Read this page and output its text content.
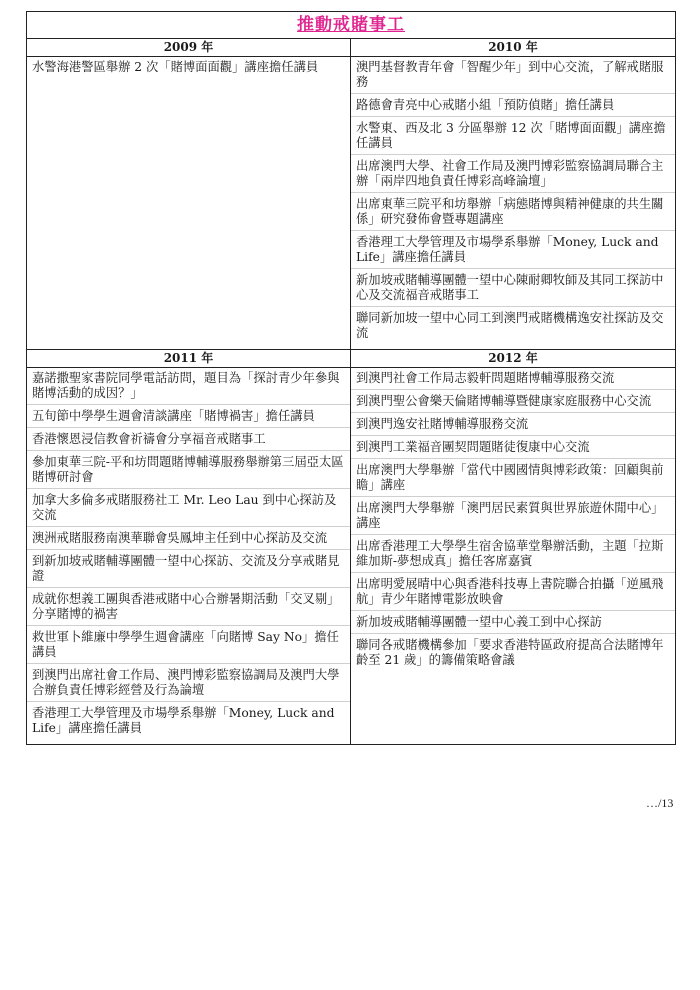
推動戒賭事工
2009 年
水警海港警區舉辦 2 次「賭博面面觀」講座擔任講員
2010 年
澳門基督教青年會「智醒少年」到中心交流，了解戒賭服務
路德會青亮中心戒賭小組「預防偵賭」擔任講員
水警東、西及北 3 分區舉辦 12 次「賭博面面觀」講座擔任講員
出席澳門大學、社會工作局及澳門博彩監察協調局聯合主辦「兩岸四地負責任博彩高峰論壇」
出席東華三院平和坊舉辦「病態賭博與精神健康的共生關係」研究發佈會暨專題講座
香港理工大學管理及市場學系舉辦「Money, Luck and Life」講座擔任講員
新加坡戒賭輔導團體一望中心陳耐卿牧師及其同工探訪中心及交流福音戒賭事工
聯同新加坡一望中心同工到澳門戒賭機構逸安社探訪及交流
2011 年
嘉諾撒聖家書院同學電話訪問，題目為「探討青少年參與賭博活動的成因？」
五旬節中學學生週會清談講座「賭博禍害」擔任講員
香港懷恩浸信教會祈禱會分享福音戒賭事工
參加東華三院-平和坊問題賭博輔導服務舉辦第三屆亞太區賭博研討會
加拿大多倫多戒賭服務社工 Mr. Leo Lau 到中心探訪及交流
澳洲戒賭服務南澳華聯會吳鳳坤主任到中心探訪及交流
到新加坡戒賭輔導團體一望中心探訪、交流及分享戒賭見證
成就你想義工團與香港戒賭中心合辦暑期活動「交叉剔」分享賭博的禍害
救世軍卜維廉中學學生週會講座「向賭博 Say No」擔任講員
到澳門出席社會工作局、澳門博彩監察協調局及澳門大學合辦負責任博彩經營及行為論壇
香港理工大學管理及市場學系舉辦「Money, Luck and Life」講座擔任講員
2012 年
到澳門社會工作局志毅軒問題賭博輔導服務交流
到澳門聖公會樂天倫賭博輔導暨健康家庭服務中心交流
到澳門逸安社賭博輔導服務交流
到澳門工業福音團契問題賭徒復康中心交流
出席澳門大學舉辦「當代中國國情與博彩政策：回顧與前瞻」講座
出席澳門大學舉辦「澳門居民素質與世界旅遊休閒中心」講座
出席香港理工大學學生宿舍協華堂舉辦活動，主題「拉斯維加斯-夢想成真」擔任客席嘉賓
出席明愛展晴中心與香港科技專上書院聯合拍攝「逆風飛航」青少年賭博電影放映會
新加坡戒賭輔導團體一望中心義工到中心探訪
聯同各戒賭機構參加「要求香港特區政府提高合法賭博年齡至 21 歲」的籌備策略會議
…/13
